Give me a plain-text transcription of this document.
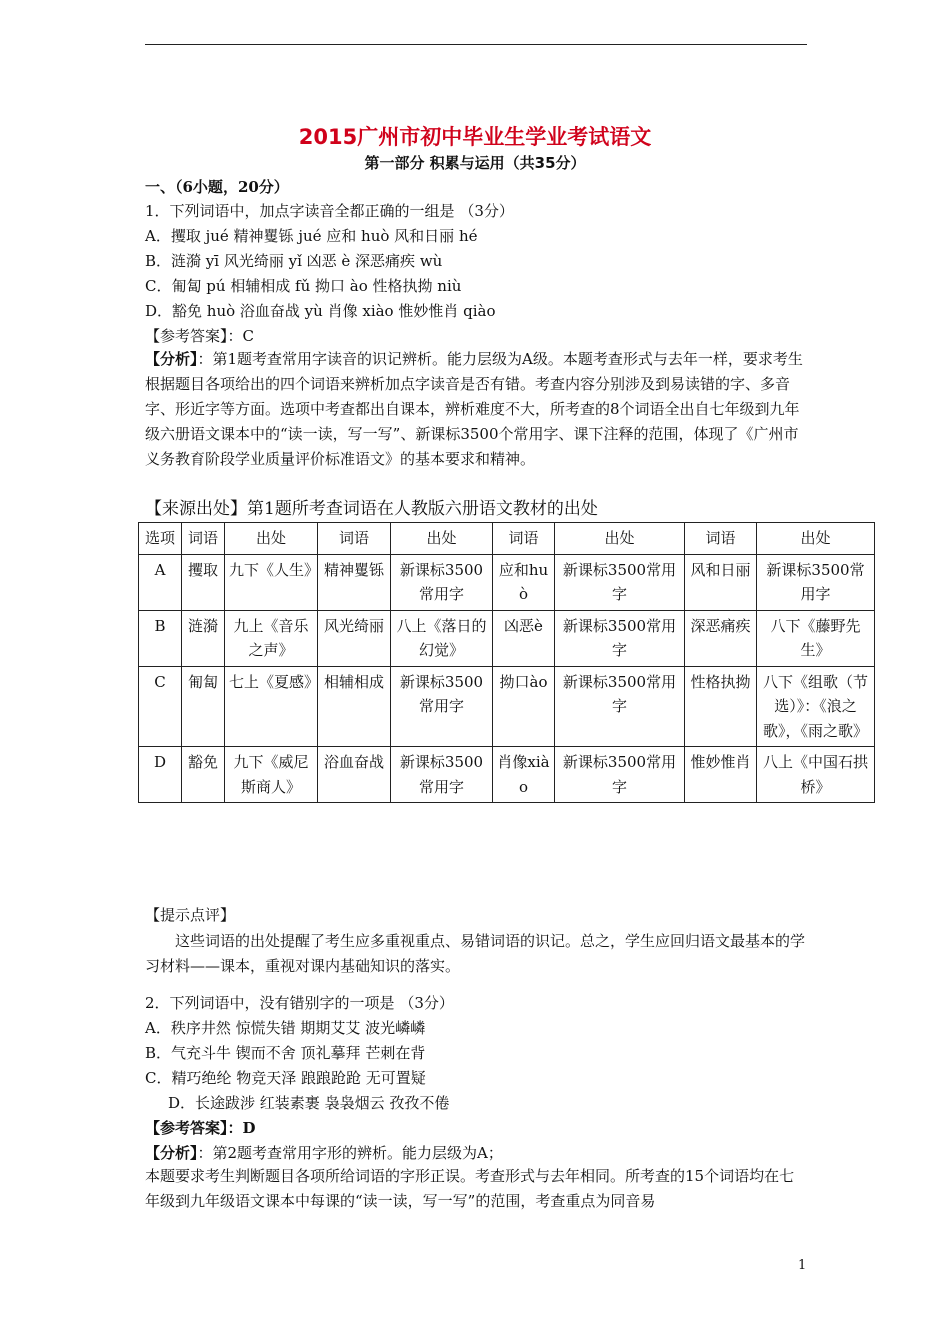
2015广州市初中毕业生学业考试语文
第一部分 积累与运用（共35分）
一、（6小题，20分）
1．下列词语中，加点字读音全都正确的一组是 （3分）
A．攫取 jué 精神矍铄 jué 应和 huò 风和日丽 hé
B．涟漪 yī 风光绮丽 yǐ 凶恶 è 深恶痛疾 wù
C．匍匐 pú 相辅相成 fǔ 拗口 ào 性格执拗 niù
D．豁免 huò 浴血奋战 yù 肖像 xiào 惟妙惟肖 qiào
【参考答案】：C
【分析】：第1题考查常用字读音的识记辨析。能力层级为A级。本题考查形式与去年一样，要求考生根据题目各项给出的四个词语来辨析加点字读音是否有错。考查内容分别涉及到易读错的字、多音字、形近字等方面。选项中考查都出自课本，辨析难度不大，所考查的8个词语全出自七年级到九年级六册语文课本中的“读一读，写一写”、新课标3500个常用字、课下注释的范围，体现了《广州市义务教育阶段学业质量评价标准语文》的基本要求和精神。
【来源出处】第1题所考查词语在人教版六册语文教材的出处
选项	词语	出处	词语	出处	词语	出处	词语	出处
A	攫取	九下《人生》	精神矍铄	新课标3500常用字	应和huò	新课标3500常用字	风和日丽	新课标3500常用字
B	涟漪	九上《音乐之声》	风光绮丽	八上《落日的幻觉》	凶恶è	新课标3500常用字	深恶痛疾	八下《藤野先生》
C	匍匐	七上《夏感》	相辅相成	新课标3500常用字	拗口ào	新课标3500常用字	性格执拗	八下《组歌（节选）》：《浪之歌》，《雨之歌》
D	豁免	九下《威尼斯商人》	浴血奋战	新课标3500常用字	肖像xiào	新课标3500常用字	惟妙惟肖	八上《中国石拱桥》
【提示点评】
这些词语的出处提醒了考生应多重视重点、易错词语的识记。总之，学生应回归语文最基本的学习材料——课本，重视对课内基础知识的落实。
2．下列词语中，没有错别字的一项是 （3分）
A．秩序井然 惊慌失错 期期艾艾 波光嶙嶙
B．气充斗牛 锲而不舍 顶礼摹拜 芒刺在背
C．精巧绝纶 物竞天泽 踉踉跄跄 无可置疑
D．长途跋涉 红装素裹 袅袅烟云 孜孜不倦
【参考答案】：D
【分析】：第2题考查常用字形的辨析。能力层级为A；
本题要求考生判断题目各项所给词语的字形正误。考查形式与去年相同。所考查的15个词语均在七年级到九年级语文课本中每课的“读一读，写一写”的范围，考查重点为同音易
1
